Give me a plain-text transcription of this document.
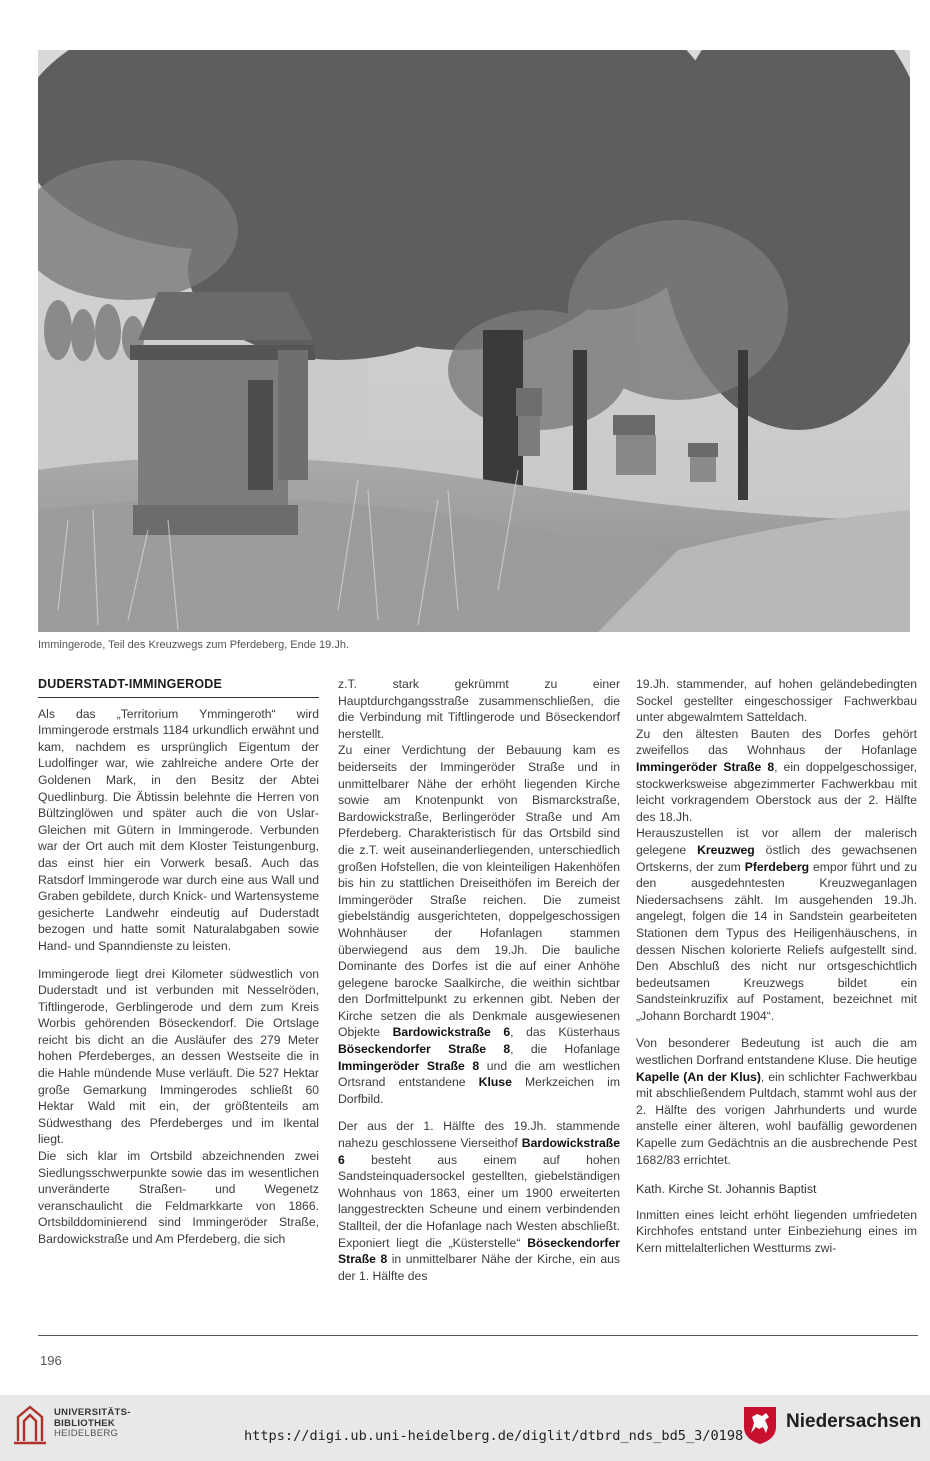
Immingerode, Teil des Kreuzwegs zum Pferdeberg, Ende 19.Jh.
DUDERSTADT-IMMINGERODE

Als das „Territorium Ymmingeroth“ wird Immingerode erstmals 1184 urkundlich erwähnt und kam, nachdem es ursprünglich Eigentum der Ludolfinger war, wie zahlreiche andere Orte der Goldenen Mark, in den Besitz der Abtei Quedlinburg. Die Äbtissin belehnte die Herren von Bültzinglöwen und später auch die von Uslar-Gleichen mit Gütern in Immingerode. Verbunden war der Ort auch mit dem Kloster Teistungenburg, das einst hier ein Vorwerk besaß. Auch das Ratsdorf Immingerode war durch eine aus Wall und Graben gebildete, durch Knick- und Wartensysteme gesicherte Landwehr eindeutig auf Duderstadt bezogen und hatte somit Naturalabgaben sowie Hand- und Spanndienste zu leisten.

Immingerode liegt drei Kilometer südwestlich von Duderstadt und ist verbunden mit Nesselröden, Tiftlingerode, Gerblingerode und dem zum Kreis Worbis gehörenden Böseckendorf. Die Ortslage reicht bis dicht an die Ausläufer des 279 Meter hohen Pferdeberges, an dessen Westseite die in die Hahle mündende Muse verläuft. Die 527 Hektar große Gemarkung Immingerodes schließt 60 Hektar Wald mit ein, der größtenteils am Südwesthang des Pferdeberges und im Ikental liegt.

Die sich klar im Ortsbild abzeichnenden zwei Siedlungsschwerpunkte sowie das im wesentlichen unveränderte Straßen- und Wegenetz veranschaulicht die Feldmarkkarte von 1866. Ortsbilddominierend sind Immingeröder Straße, Bardowickstraße und Am Pferdeberg, die sich

z.T. stark gekrümmt zu einer Hauptdurchgangsstraße zusammenschließen, die die Verbindung mit Tiftlingerode und Böseckendorf herstellt.

Zu einer Verdichtung der Bebauung kam es beiderseits der Immingeröder Straße und in unmittelbarer Nähe der erhöht liegenden Kirche sowie am Knotenpunkt von Bismarckstraße, Bardowickstraße, Berlingeröder Straße und Am Pferdeberg. Charakteristisch für das Ortsbild sind die z.T. weit auseinanderliegenden, unterschiedlich großen Hofstellen, die von kleinteiligen Hakenhöfen bis hin zu stattlichen Dreiseithöfen im Bereich der Immingeröder Straße reichen. Die zumeist giebelständig ausgerichteten, doppelgeschossigen Wohnhäuser der Hofanlagen stammen überwiegend aus dem 19.Jh. Die bauliche Dominante des Dorfes ist die auf einer Anhöhe gelegene barocke Saalkirche, die weithin sichtbar den Dorfmittelpunkt zu erkennen gibt. Neben der Kirche setzen die als Denkmale ausgewiesenen Objekte Bardowickstraße 6, das Küsterhaus Böseckendorfer Straße 8, die Hofanlage Immingeröder Straße 8 und die am westlichen Ortsrand entstandene Kluse Merkzeichen im Dorfbild.

Der aus der 1. Hälfte des 19.Jh. stammende nahezu geschlossene Vierseithof Bardowickstraße 6 besteht aus einem auf hohen Sandsteinquadersockel gestellten, giebelständigen Wohnhaus von 1863, einer um 1900 erweiterten langgestreckten Scheune und einem verbindenden Stallteil, der die Hofanlage nach Westen abschließt. Exponiert liegt die „Küsterstelle“ Böseckendorfer Straße 8 in unmittelbarer Nähe der Kirche, ein aus der 1. Hälfte des

19.Jh. stammender, auf hohen geländebedingten Sockel gestellter eingeschossiger Fachwerkbau unter abgewalmtem Satteldach.

Zu den ältesten Bauten des Dorfes gehört zweifellos das Wohnhaus der Hofanlage Immingeröder Straße 8, ein doppelgeschossiger, stockwerksweise abgezimmerter Fachwerkbau mit leicht vorkragendem Oberstock aus der 2. Hälfte des 18.Jh.

Herauszustellen ist vor allem der malerisch gelegene Kreuzweg östlich des gewachsenen Ortskerns, der zum Pferdeberg empor führt und zu den ausgedehntesten Kreuzweganlagen Niedersachsens zählt. Im ausgehenden 19.Jh. angelegt, folgen die 14 in Sandstein gearbeiteten Stationen dem Typus des Heiligenhäuschens, in dessen Nischen kolorierte Reliefs aufgestellt sind. Den Abschluß des nicht nur ortsgeschichtlich bedeutsamen Kreuzwegs bildet ein Sandsteinkruzifix auf Postament, bezeichnet mit „Johann Borchardt 1904“.

Von besonderer Bedeutung ist auch die am westlichen Dorfrand entstandene Kluse. Die heutige Kapelle (An der Klus), ein schlichter Fachwerkbau mit abschließendem Pultdach, stammt wohl aus der 2. Hälfte des vorigen Jahrhunderts und wurde anstelle einer älteren, wohl baufällig gewordenen Kapelle zum Gedächtnis an die ausbrechende Pest 1682/83 errichtet.

Kath. Kirche St. Johannis Baptist

Inmitten eines leicht erhöht liegenden umfriedeten Kirchhofes entstand unter Einbeziehung eines im Kern mittelalterlichen Westturms zwi-

196
UNIVERSITÄTS-
BIBLIOTHEK
HEIDELBERG	https://digi.ub.uni-heidelberg.de/diglit/dtbrd_nds_bd5_3/0198
Niedersachsen
